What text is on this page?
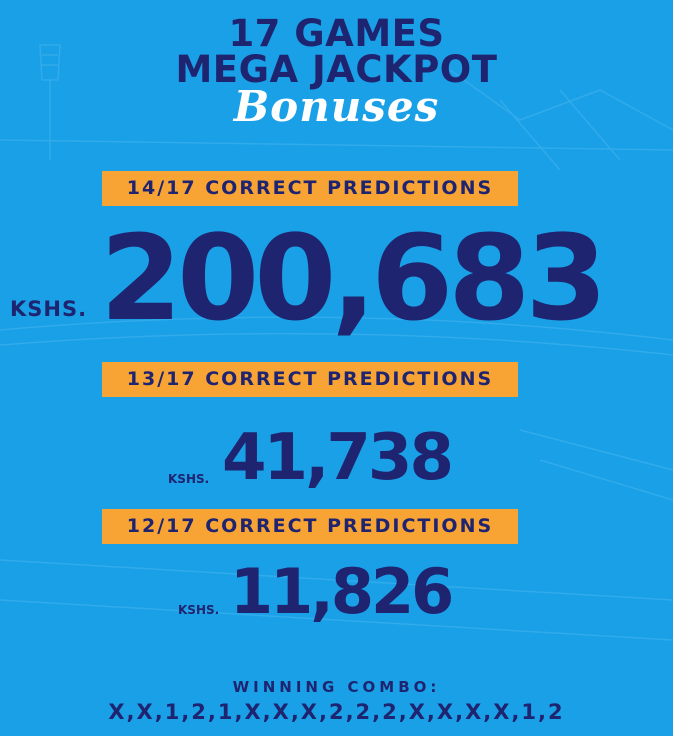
17 GAMES
MEGA JACKPOT
Bonuses
14/17 CORRECT PREDICTIONS
KSHS. 200,683
13/17 CORRECT PREDICTIONS
KSHS. 41,738
12/17 CORRECT PREDICTIONS
KSHS. 11,826
WINNING COMBO:
X,X,1,2,1,X,X,X,2,2,2,X,X,X,X,1,2
